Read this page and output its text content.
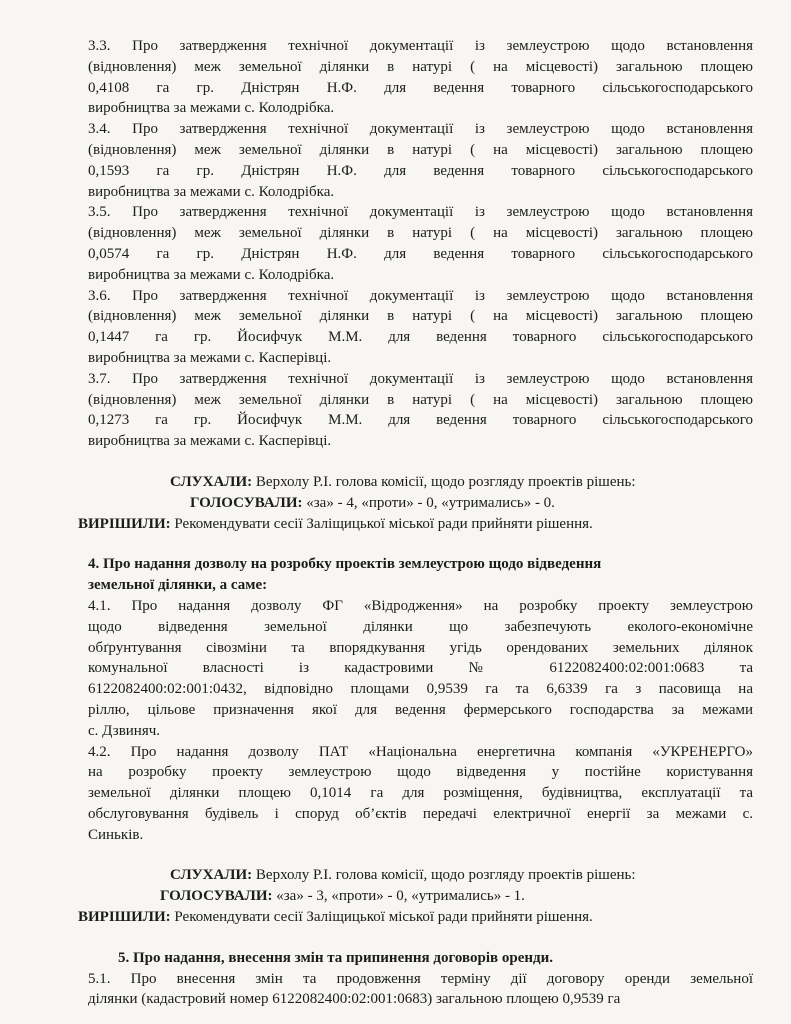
3.3. Про затвердження технічної документації із землеустрою щодо встановлення
(відновлення) меж земельної ділянки в натурі ( на місцевості) загальною площею
0,4108 га гр. Дністрян Н.Ф. для ведення товарного сільськогосподарського
виробництва за межами с. Колодрібка.
3.4. Про затвердження технічної документації із землеустрою щодо встановлення
(відновлення) меж земельної ділянки в натурі ( на місцевості) загальною площею
0,1593 га гр. Дністрян Н.Ф. для ведення товарного сільськогосподарського
виробництва за межами с. Колодрібка.
3.5. Про затвердження технічної документації із землеустрою щодо встановлення
(відновлення) меж земельної ділянки в натурі ( на місцевості) загальною площею
0,0574 га гр. Дністрян Н.Ф. для ведення товарного сільськогосподарського
виробництва за межами с. Колодрібка.
3.6. Про затвердження технічної документації із землеустрою щодо встановлення
(відновлення) меж земельної ділянки в натурі ( на місцевості) загальною площею
0,1447 га гр. Йосифчук М.М. для ведення товарного сільськогосподарського
виробництва за межами с. Касперівці.
3.7. Про затвердження технічної документації із землеустрою щодо встановлення
(відновлення) меж земельної ділянки в натурі ( на місцевості) загальною площею
0,1273 га гр. Йосифчук М.М. для ведення товарного сільськогосподарського
виробництва за межами с. Касперівці.

СЛУХАЛИ: Верхолу Р.І. голова комісії, щодо розгляду проектів рішень:

ГОЛОСУВАЛИ: «за» - 4, «проти» - 0, «утримались» - 0.

ВИРІШИЛИ: Рекомендувати сесії Заліщицької міської ради прийняти рішення.

4. Про надання дозволу на розробку проектів землеустрою щодо відведення
земельної ділянки, а саме:

4.1. Про надання дозволу ФГ «Відродження» на розробку проекту землеустрою
щодо відведення земельної ділянки що забезпечують еколого-економічне
обґрунтування сівозміни та впорядкування угідь орендованих земельних ділянок
комунальної власності із кадастровими № 6122082400:02:001:0683 та
6122082400:02:001:0432, відповідно площами 0,9539 га та 6,6339 га з пасовища на
ріллю, цільове призначення якої для ведення фермерського господарства за межами
с. Дзвиняч.
4.2. Про надання дозволу ПАТ «Національна енергетична компанія «УКРЕНЕРГО»
на розробку проекту землеустрою щодо відведення у постійне користування
земельної ділянки площею 0,1014 га для розміщення, будівництва, експлуатації та
обслуговування будівель і споруд об’єктів передачі електричної енергії за межами с.
Синьків.

СЛУХАЛИ: Верхолу Р.І. голова комісії, щодо розгляду проектів рішень:

ГОЛОСУВАЛИ: «за» - 3, «проти» - 0, «утримались» - 1.

ВИРІШИЛИ: Рекомендувати сесії Заліщицької міської ради прийняти рішення.

5. Про надання, внесення змін та припинення договорів оренди.

5.1. Про внесення змін та продовження терміну дії договору оренди земельної
ділянки (кадастровий номер 6122082400:02:001:0683) загальною площею 0,9539 га
